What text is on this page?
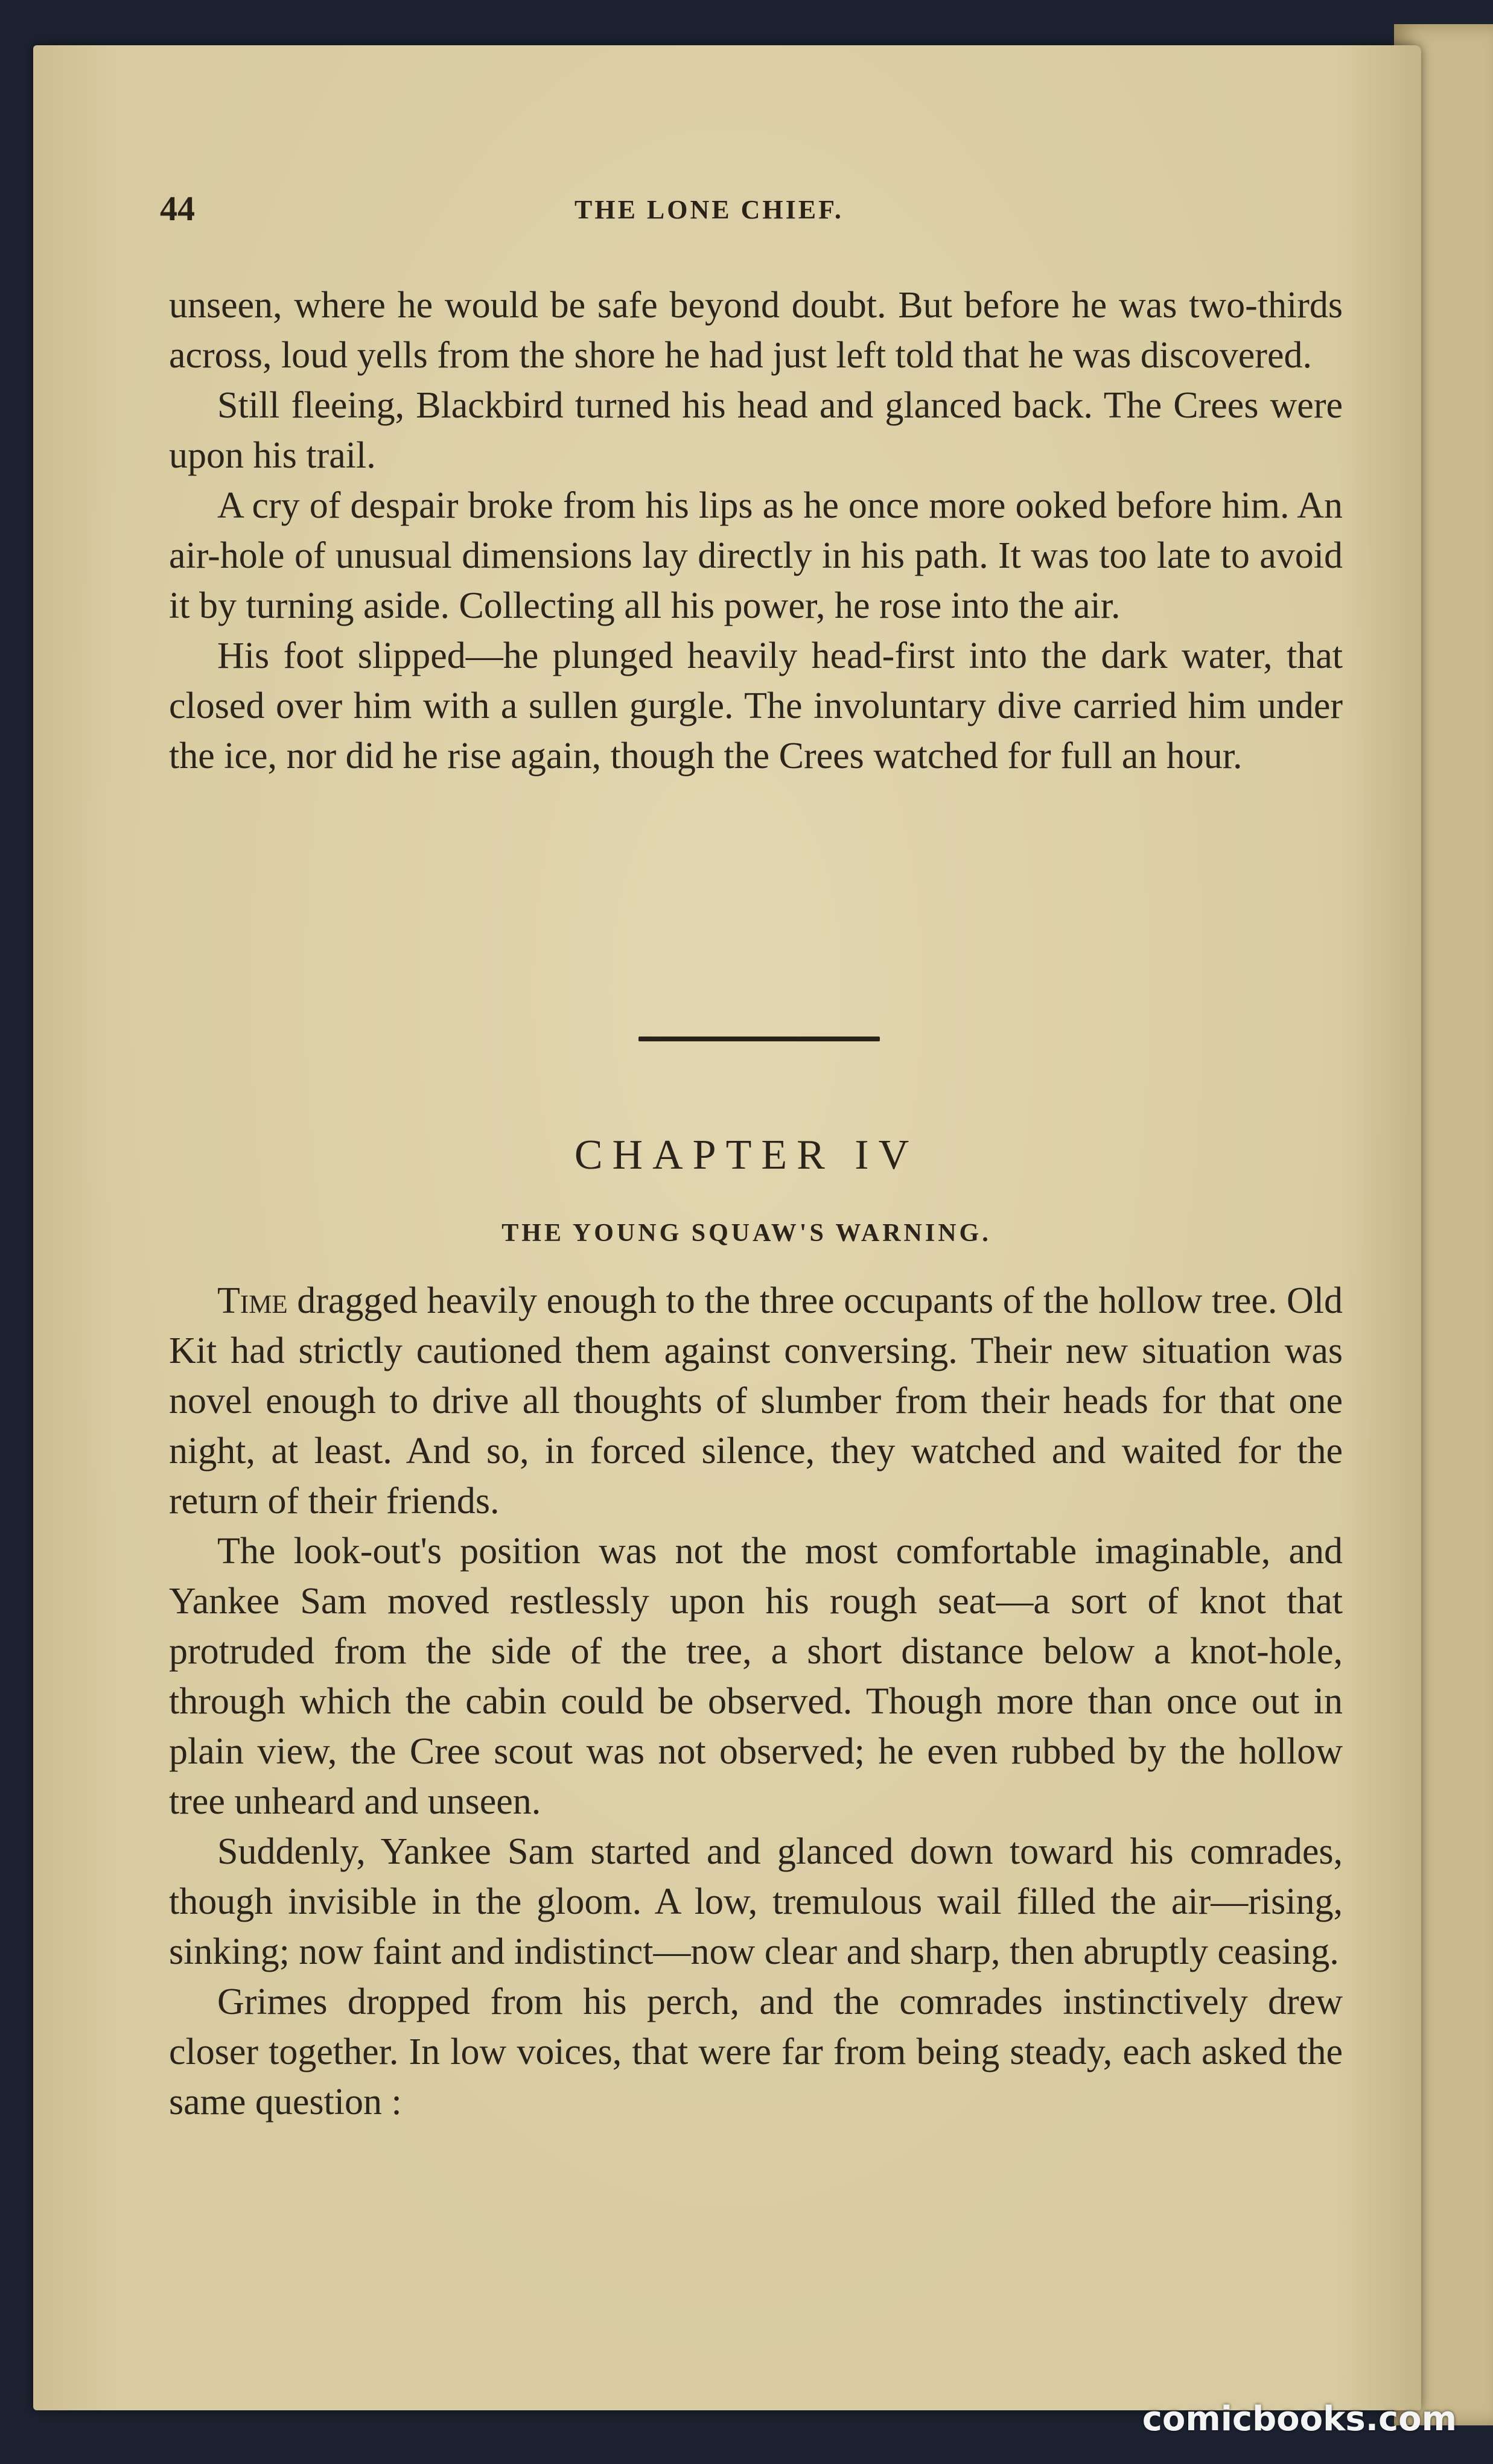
44	THE LONE CHIEF.

unseen, where he would be safe beyond doubt. But before he was two-thirds across, loud yells from the shore he had just left told that he was discovered.

Still fleeing, Blackbird turned his head and glanced back. The Crees were upon his trail.

A cry of despair broke from his lips as he once more ooked before him. An air-hole of unusual dimensions lay directly in his path. It was too late to avoid it by turning aside. Collecting all his power, he rose into the air.

His foot slipped—he plunged heavily head-first into the dark water, that closed over him with a sullen gurgle. The involuntary dive carried him under the ice, nor did he rise again, though the Crees watched for full an hour.

CHAPTER IV
THE YOUNG SQUAW'S WARNING.

Time dragged heavily enough to the three occupants of the hollow tree. Old Kit had strictly cautioned them against conversing. Their new situation was novel enough to drive all thoughts of slumber from their heads for that one night, at least. And so, in forced silence, they watched and waited for the return of their friends.

The look-out's position was not the most comfortable imaginable, and Yankee Sam moved restlessly upon his rough seat—a sort of knot that protruded from the side of the tree, a short distance below a knot-hole, through which the cabin could be observed. Though more than once out in plain view, the Cree scout was not observed; he even rubbed by the hollow tree unheard and unseen.

Suddenly, Yankee Sam started and glanced down toward his comrades, though invisible in the gloom. A low, tremulous wail filled the air—rising, sinking; now faint and indistinct—now clear and sharp, then abruptly ceasing.

Grimes dropped from his perch, and the comrades instinctively drew closer together. In low voices, that were far from being steady, each asked the same question :

comicbooks.com
